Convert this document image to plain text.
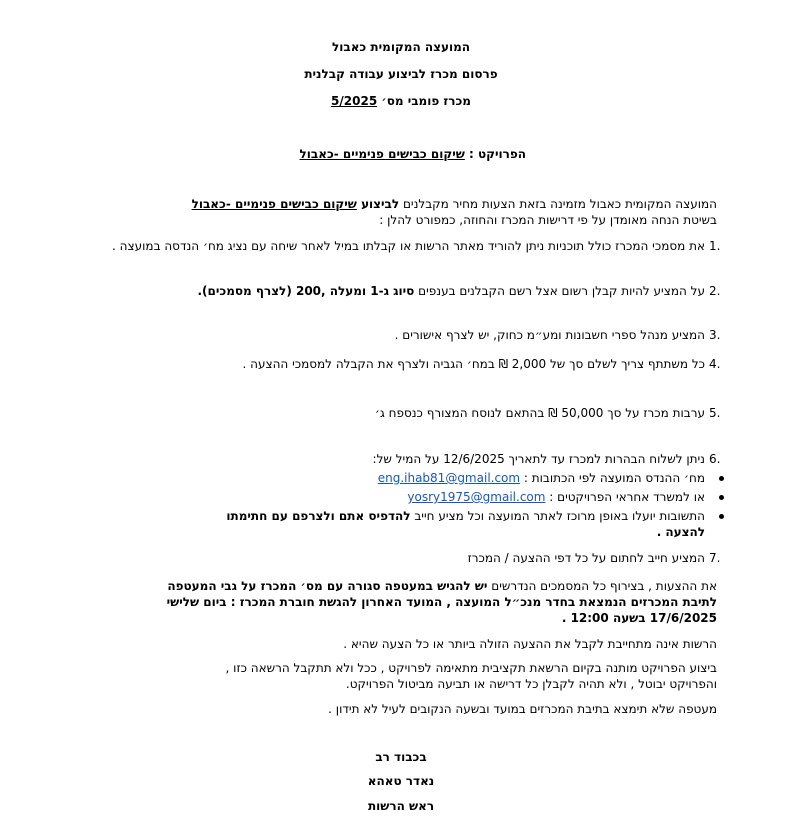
המועצה המקומית כאבול
פרסום מכרז לביצוע עבודה קבלנית
מכרז פומבי מס׳ 5/2025
הפרויקט : שיקום כבישים פנימיים -כאבול
המועצה המקומית כאבול מזמינה בזאת הצעות מחיר מקבלנים לביצוע שיקום כבישים פנימיים -כאבול
בשיטת הנחה מאומדן על פי דרישות המכרז והחוזה, כמפורט להלן :
1.
את מסמכי המכרז כולל תוכניות ניתן להוריד מאתר הרשות או קבלתו במיל לאחר שיחה עם נציג מח׳ הנדסה במועצה .
2.
על המציע להיות קבלן רשום אצל רשם הקבלנים בענפים סיוג ג-1 ומעלה ,200 (לצרף מסמכים).
3.
המציע מנהל ספרי חשבונות ומע״מ כחוק, יש לצרף אישורים .
4.
כל משתתף צריך לשלם סך של 2,000 ₪ במח׳ הגביה ולצרף את הקבלה למסמכי ההצעה .
5.
ערבות מכרז על סך 50,000 ₪ בהתאם לנוסח המצורף כנספח ג׳
6.
ניתן לשלוח הבהרות למכרז עד לתאריך 12/6/2025 על המיל של:
מח׳ ההנדס המועצה לפי הכתובות : eng.ihab81@gmail.com
או למשרד אחראי הפרויקטים : yosry1975@gmail.com
התשובות יועלו באופן מרוכז לאתר המועצה וכל מציע חייב להדפיס אתם ולצרפם עם חתימתו
להצעה .
7.
המציע חייב לחתום על כל דפי ההצעה / המכרז
את ההצעות , בצירוף כל המסמכים הנדרשים יש להגיש במעטפה סגורה עם מס׳ המכרז על גבי המעטפה
לתיבת המכרזים הנמצאת בחדר מנכ״ל המועצה , המועד האחרון להגשת חוברת המכרז : ביום שלישי
17/6/2025 בשעה 12:00 .
הרשות אינה מתחייבת לקבל את ההצעה הזולה ביותר או כל הצעה שהיא .
ביצוע הפרויקט מותנה בקיום הרשאת תקציבית מתאימה לפרויקט , ככל ולא תתקבל הרשאה כזו ,
והפרויקט יבוטל , ולא תהיה לקבלן כל דרישה או תביעה מביטול הפרויקט.
מעטפה שלא תימצא בתיבת המכרזים במועד ובשעה הנקובים לעיל לא תידון .
בכבוד רב
נאדר טאהא
ראש הרשות
